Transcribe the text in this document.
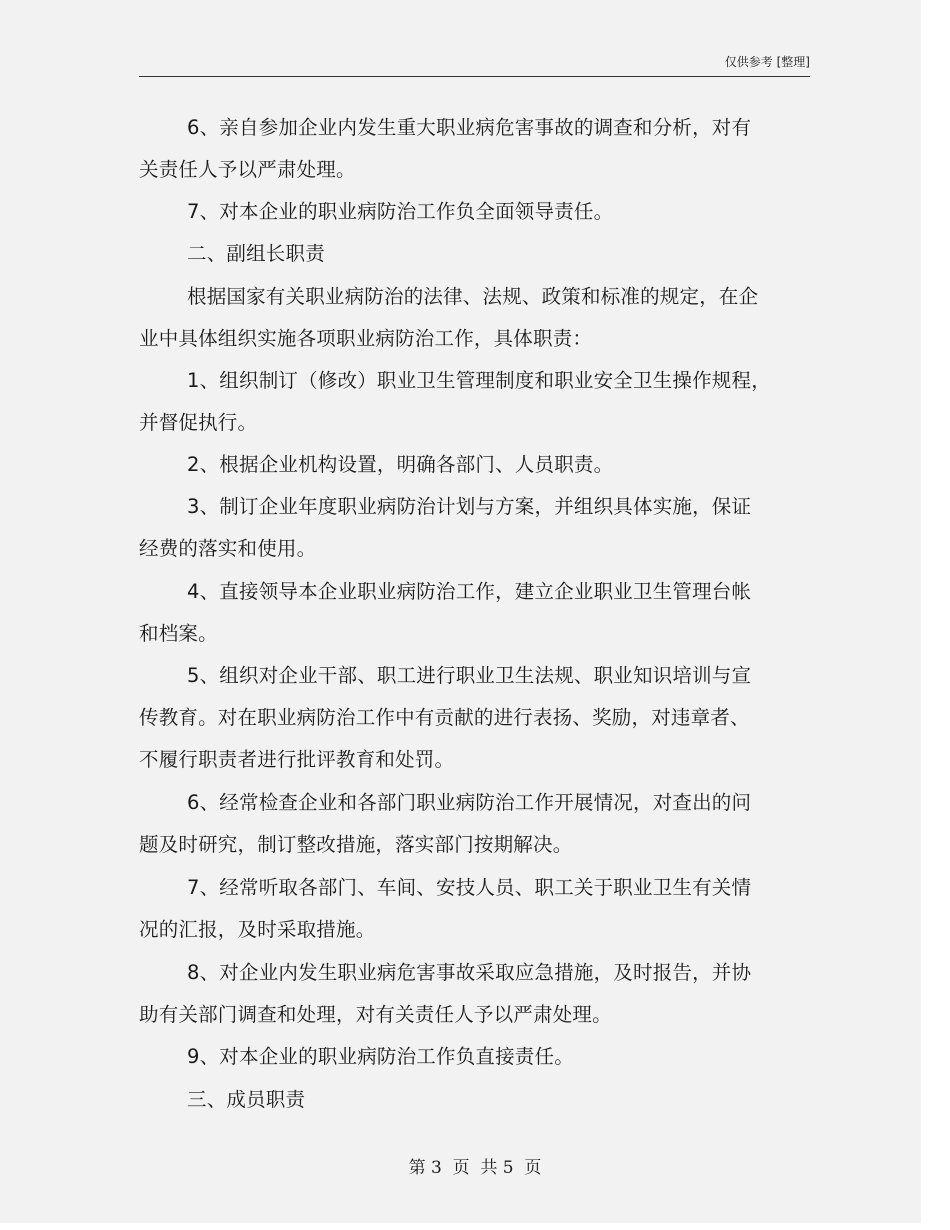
仅供参考 [整理]

6、亲自参加企业内发生重大职业病危害事故的调查和分析，对有
关责任人予以严肃处理。

7、对本企业的职业病防治工作负全面领导责任。

二、副组长职责

根据国家有关职业病防治的法律、法规、政策和标准的规定，在企
业中具体组织实施各项职业病防治工作，具体职责：

1、组织制订（修改）职业卫生管理制度和职业安全卫生操作规程，
并督促执行。

2、根据企业机构设置，明确各部门、人员职责。

3、制订企业年度职业病防治计划与方案，并组织具体实施，保证
经费的落实和使用。

4、直接领导本企业职业病防治工作，建立企业职业卫生管理台帐
和档案。

5、组织对企业干部、职工进行职业卫生法规、职业知识培训与宣
传教育。对在职业病防治工作中有贡献的进行表扬、奖励，对违章者、
不履行职责者进行批评教育和处罚。

6、经常检查企业和各部门职业病防治工作开展情况，对查出的问
题及时研究，制订整改措施，落实部门按期解决。

7、经常听取各部门、车间、安技人员、职工关于职业卫生有关情
况的汇报，及时采取措施。

8、对企业内发生职业病危害事故采取应急措施，及时报告，并协
助有关部门调查和处理，对有关责任人予以严肃处理。

9、对本企业的职业病防治工作负直接责任。

三、成员职责

第 3  页  共 5  页
